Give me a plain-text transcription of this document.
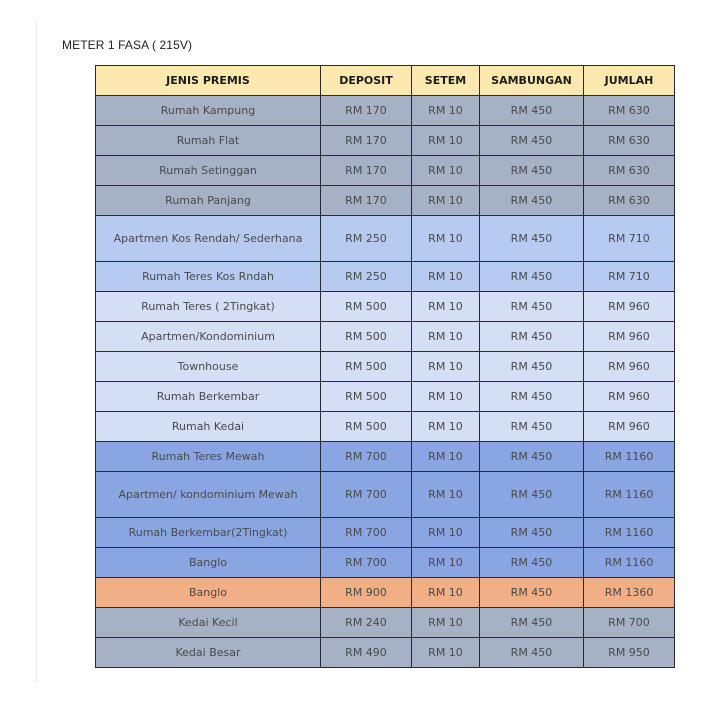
METER 1 FASA ( 215V)
JENIS PREMIS	DEPOSIT	SETEM	SAMBUNGAN	JUMLAH
Rumah Kampung	RM 170	RM 10	RM 450	RM 630
Rumah Flat	RM 170	RM 10	RM 450	RM 630
Rumah Setinggan	RM 170	RM 10	RM 450	RM 630
Rumah Panjang	RM 170	RM 10	RM 450	RM 630
Apartmen Kos Rendah/ Sederhana	RM 250	RM 10	RM 450	RM 710
Rumah Teres Kos Rndah	RM 250	RM 10	RM 450	RM 710
Rumah Teres ( 2Tingkat)	RM 500	RM 10	RM 450	RM 960
Apartmen/Kondominium	RM 500	RM 10	RM 450	RM 960
Townhouse	RM 500	RM 10	RM 450	RM 960
Rumah Berkembar	RM 500	RM 10	RM 450	RM 960
Rumah Kedai	RM 500	RM 10	RM 450	RM 960
Rumah Teres Mewah	RM 700	RM 10	RM 450	RM 1160
Apartmen/ kondominium Mewah	RM 700	RM 10	RM 450	RM 1160
Rumah Berkembar(2Tingkat)	RM 700	RM 10	RM 450	RM 1160
Banglo	RM 700	RM 10	RM 450	RM 1160
Banglo	RM 900	RM 10	RM 450	RM 1360
Kedai Kecil	RM 240	RM 10	RM 450	RM 700
Kedai Besar	RM 490	RM 10	RM 450	RM 950
